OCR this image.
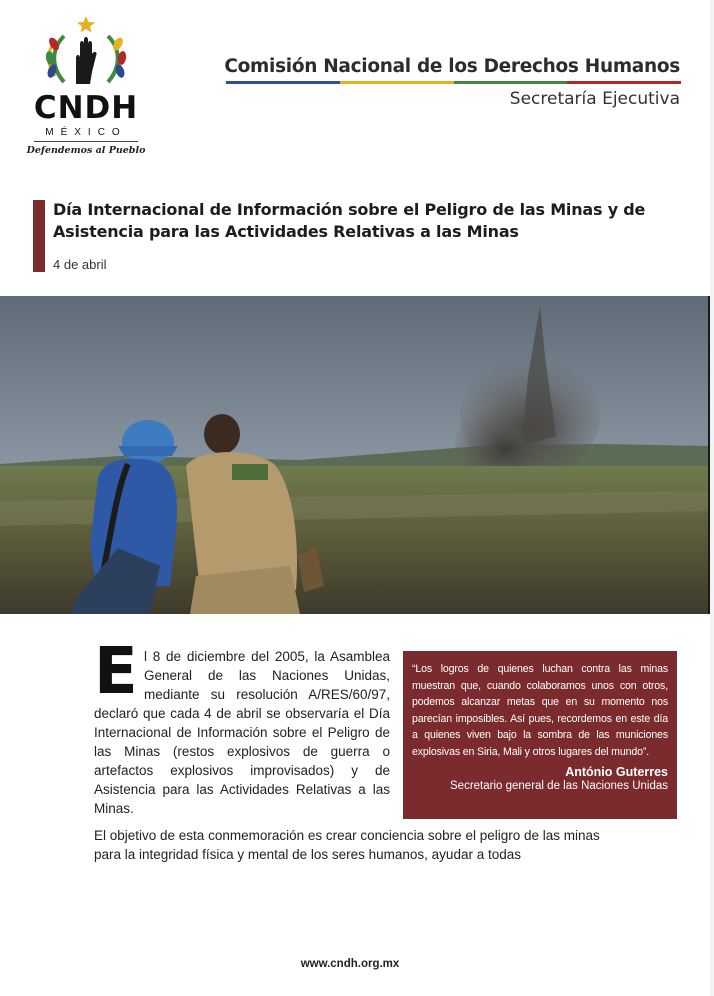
CNDH
MÉXICO
Defendemos al Pueblo
Comisión Nacional de los Derechos Humanos
Secretaría Ejecutiva
Día Internacional de Información sobre el Peligro de las Minas y de Asistencia para las Actividades Relativas a las Minas
4 de abril
E l 8 de diciembre del 2005, la Asamblea General de las Naciones Unidas, mediante su resolución A/RES/60/97, declaró que cada 4 de abril se observaría el Día Internacional de Información sobre el Peligro de las Minas (restos explosivos de guerra o artefactos explosivos improvisados) y de Asistencia para las Actividades Relativas a las Minas.
“Los logros de quienes luchan contra las minas muestran que, cuando colaboramos unos con otros, podemos alcanzar metas que en su momento nos parecían imposibles. Así pues, recordemos en este día a quienes viven bajo la sombra de las municiones explosivas en Siria, Mali y otros lugares del mundo”.
António Guterres
Secretario general de las Naciones Unidas
El objetivo de esta conmemoración es crear conciencia sobre el peligro de las minas para la integridad física y mental de los seres humanos, ayudar a todas
www.cndh.org.mx
